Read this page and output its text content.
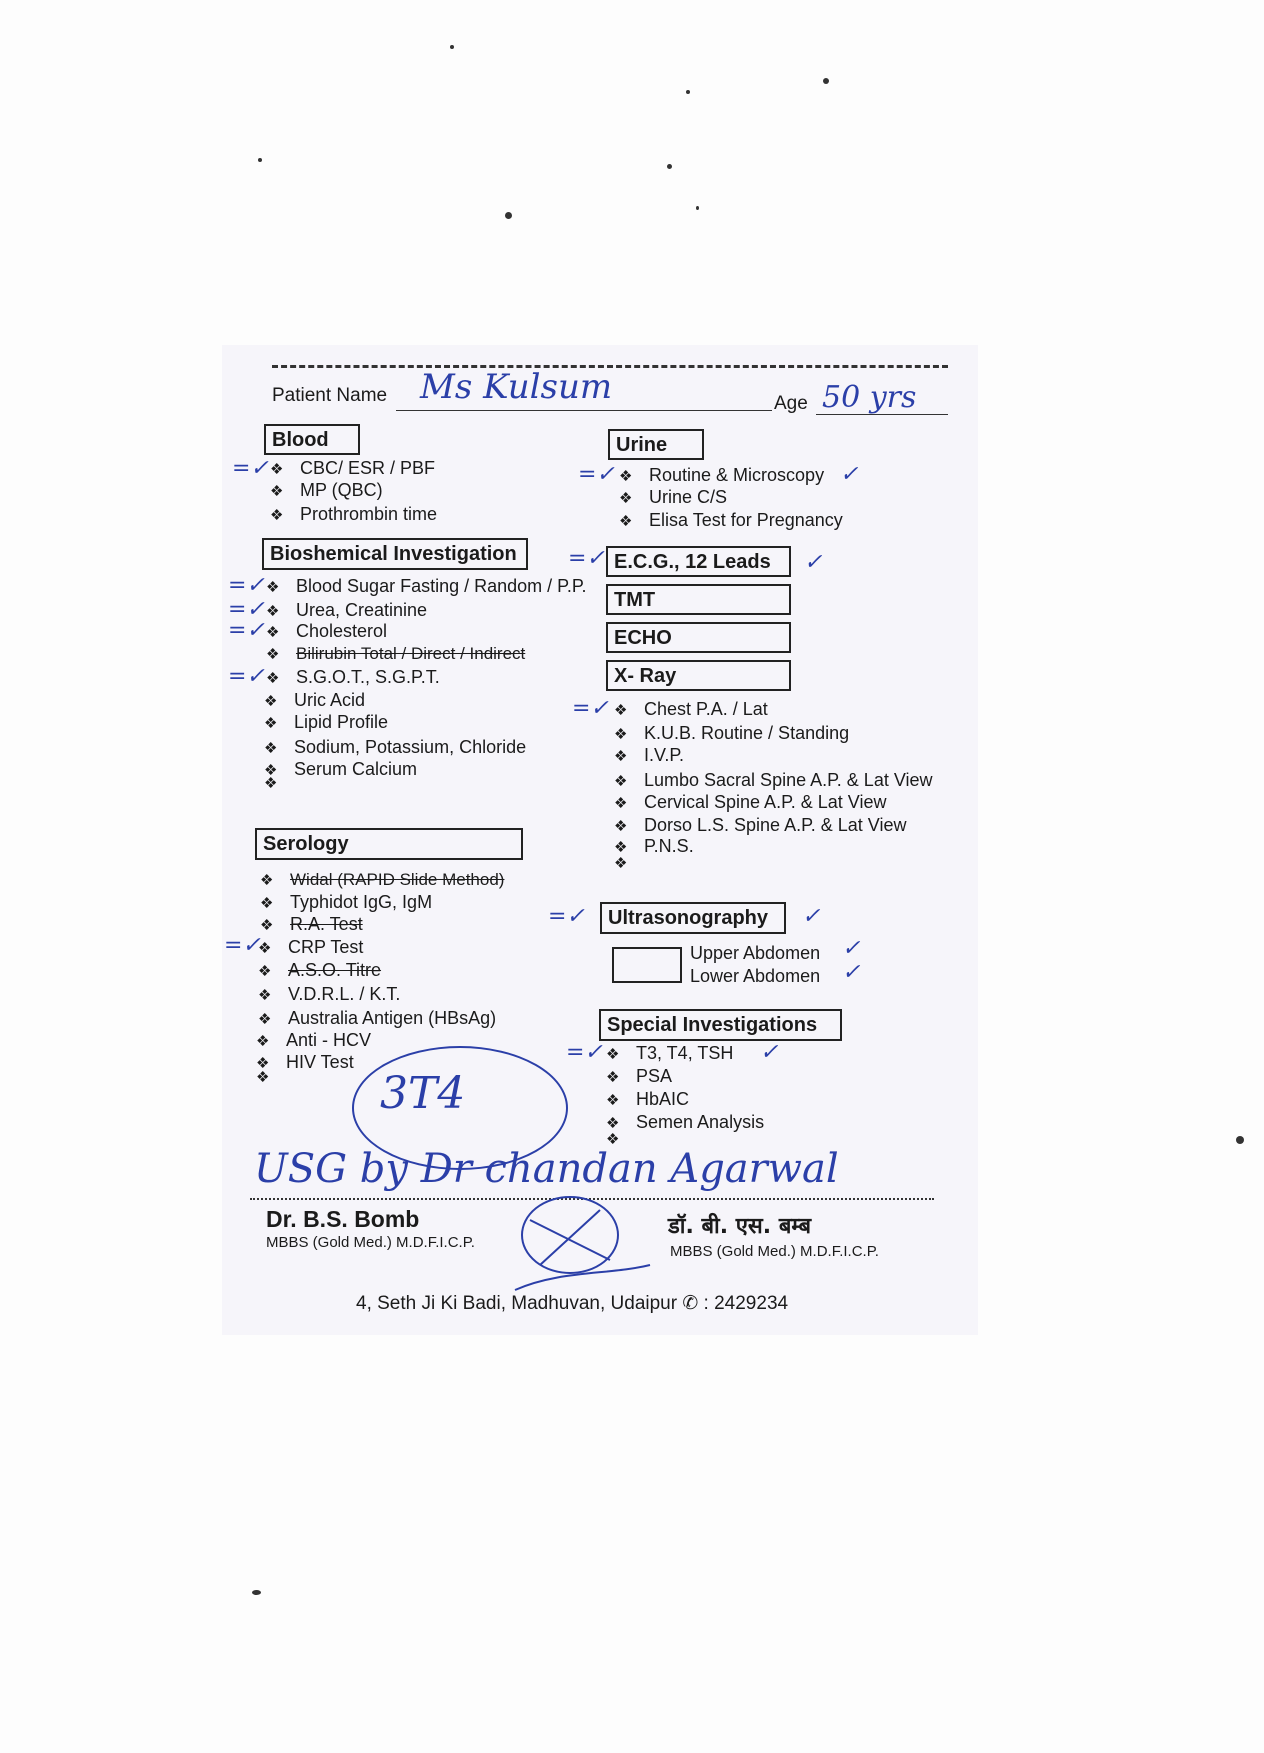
Patient Name Ms Kulsum	Age 50 yrs
Blood
❖ CBC/ ESR / PBF
❖ MP (QBC)
❖ Prothrombin time
Bioshemical Investigation
❖ Blood Sugar Fasting / Random / P.P.
❖ Urea, Creatinine
❖ Cholesterol
❖ Bilirubin Total / Direct / Indirect
❖ S.G.O.T., S.G.P.T.
❖ Uric Acid
❖ Lipid Profile
❖ Sodium, Potassium, Chloride
❖ Serum Calcium
❖
Serology
❖ Widal (RAPID Slide Method)
❖ Typhidot IgG, IgM
❖ R.A. Test
❖ CRP Test
❖ A.S.O. Titre
❖ V.D.R.L. / K.T.
❖ Australia Antigen (HBsAg)
❖ Anti - HCV
❖ HIV Test
❖
Urine
❖ Routine & Microscopy
❖ Urine C/S
❖ Elisa Test for Pregnancy
E.C.G., 12 Leads
TMT
ECHO
X- Ray
❖ Chest P.A. / Lat
❖ K.U.B. Routine / Standing
❖ I.V.P.
❖ Lumbo Sacral Spine A.P. & Lat View
❖ Cervical Spine A.P. & Lat View
❖ Dorso L.S. Spine A.P. & Lat View
❖ P.N.S.
❖
Ultrasonography
Upper Abdomen
Lower Abdomen
Special Investigations
❖ T3, T4, TSH
❖ PSA
❖ HbAIC
❖ Semen Analysis
❖
=✓	=✓	✓
✓
=✓
=✓
=✓
=✓
=✓
=✓
=✓
=✓	✓
✓
✓
=✓	✓
3T4
USG by Dr chandan Agarwal
Dr. B.S. Bomb
MBBS (Gold Med.) M.D.F.I.C.P.
डॉ. बी. एस. बम्ब
MBBS (Gold Med.) M.D.F.I.C.P.
4, Seth Ji Ki Badi, Madhuvan, Udaipur ✆ : 2429234
